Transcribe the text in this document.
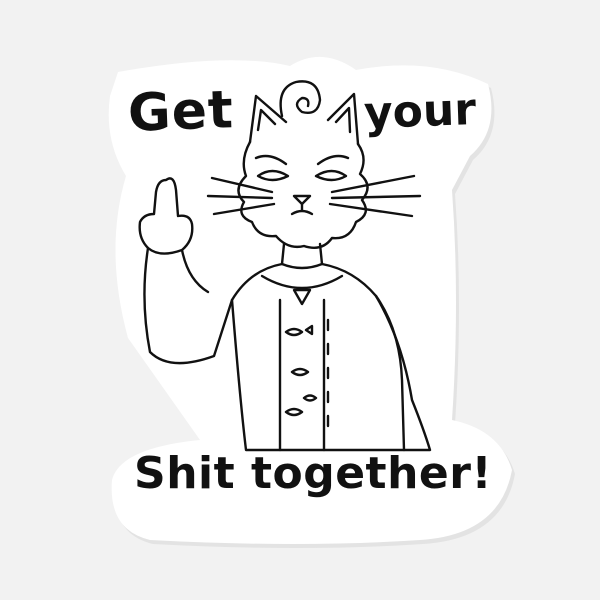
Get	your
Shit together!
